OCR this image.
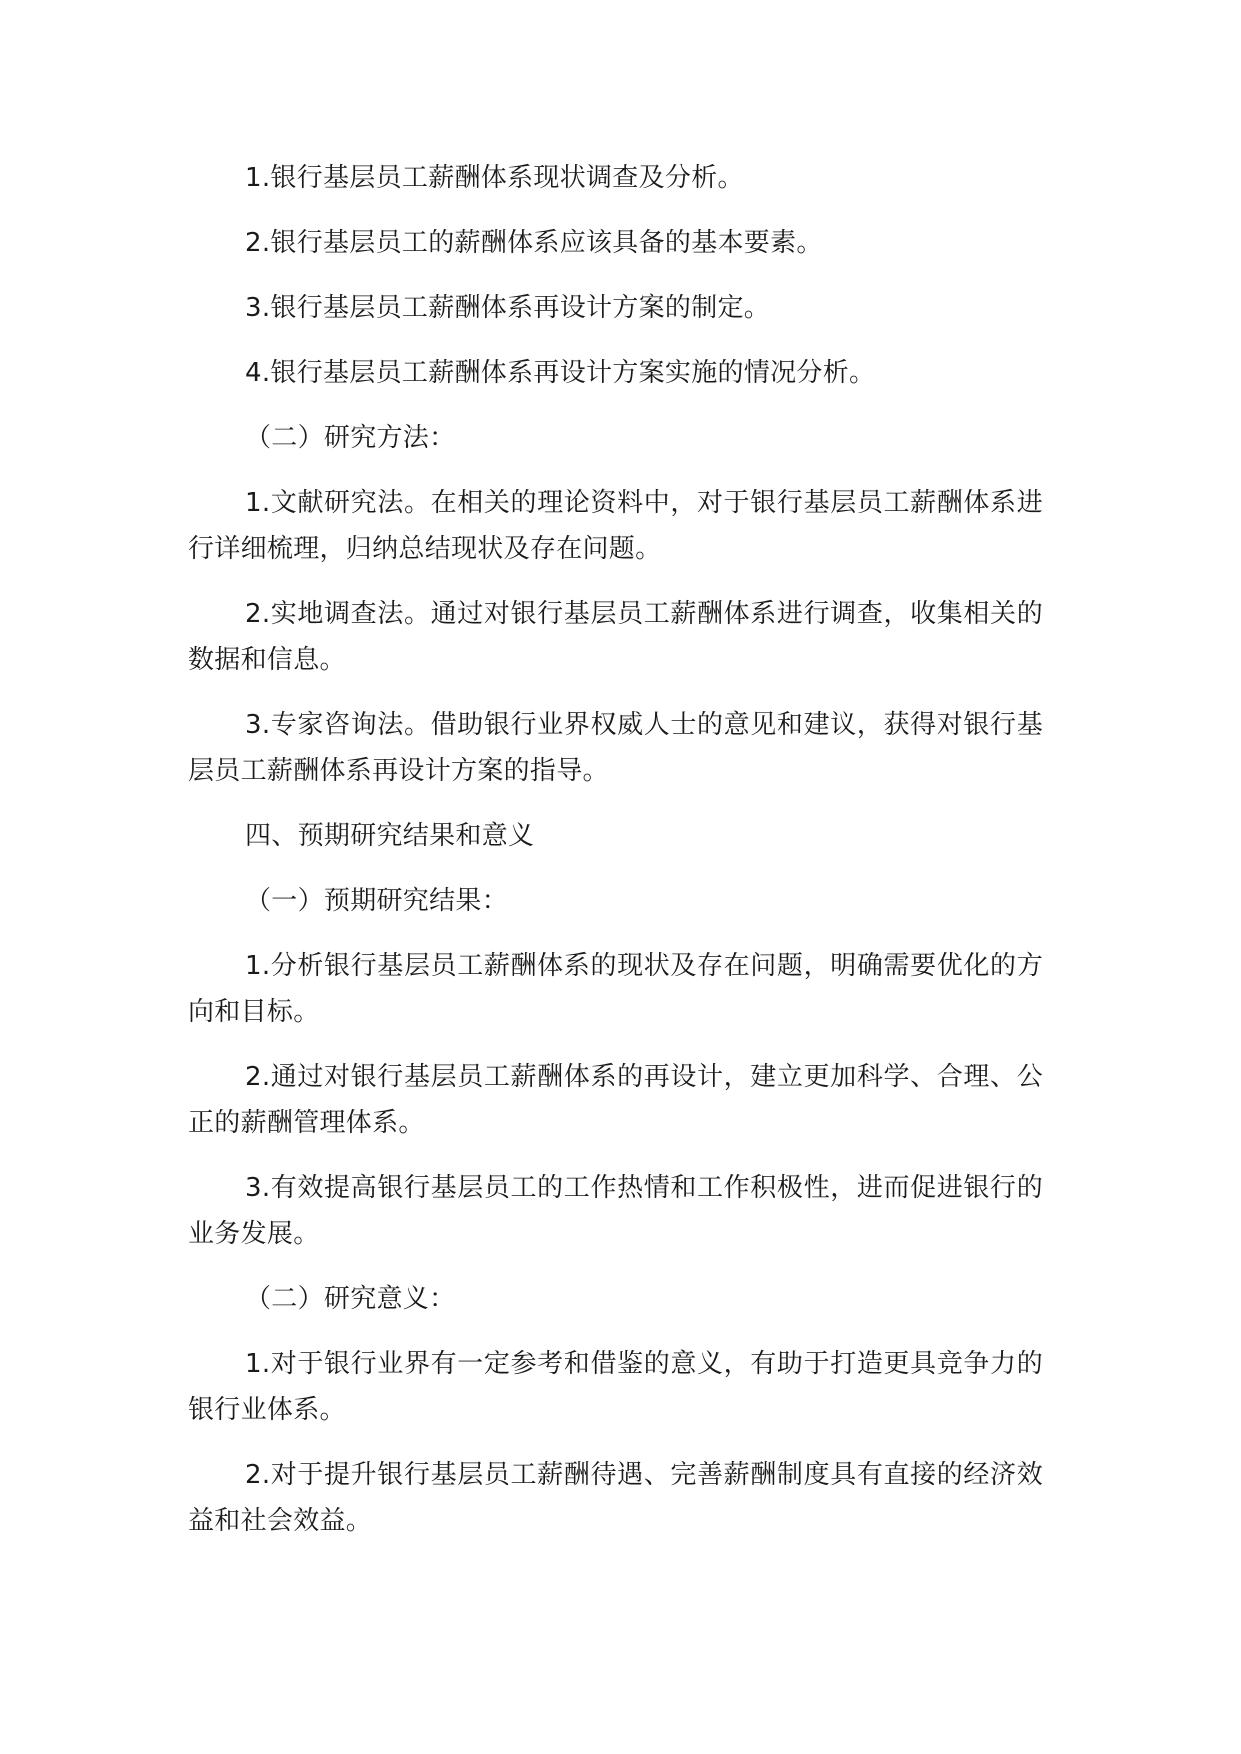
1.银行基层员工薪酬体系现状调查及分析。

2.银行基层员工的薪酬体系应该具备的基本要素。

3.银行基层员工薪酬体系再设计方案的制定。

4.银行基层员工薪酬体系再设计方案实施的情况分析。

（二）研究方法：

1.文献研究法。在相关的理论资料中，对于银行基层员工薪酬体系进行详细梳理，归纳总结现状及存在问题。

2.实地调查法。通过对银行基层员工薪酬体系进行调查，收集相关的数据和信息。

3.专家咨询法。借助银行业界权威人士的意见和建议，获得对银行基层员工薪酬体系再设计方案的指导。

四、预期研究结果和意义

（一）预期研究结果：

1.分析银行基层员工薪酬体系的现状及存在问题，明确需要优化的方向和目标。

2.通过对银行基层员工薪酬体系的再设计，建立更加科学、合理、公正的薪酬管理体系。

3.有效提高银行基层员工的工作热情和工作积极性，进而促进银行的业务发展。

（二）研究意义：

1.对于银行业界有一定参考和借鉴的意义，有助于打造更具竞争力的银行业体系。

2.对于提升银行基层员工薪酬待遇、完善薪酬制度具有直接的经济效益和社会效益。
